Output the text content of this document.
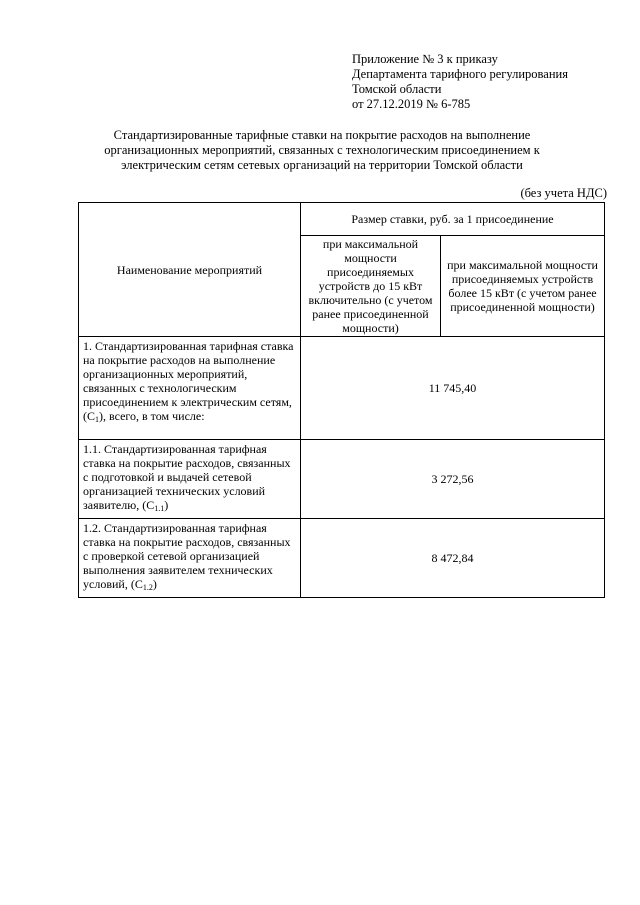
Приложение № 3 к приказу
Департамента тарифного регулирования
Томской области
от 27.12.2019 № 6-785
Стандартизированные тарифные ставки на покрытие расходов на выполнение организационных мероприятий, связанных с технологическим присоединением к электрическим сетям сетевых организаций на территории Томской области
(без учета НДС)
Наименование мероприятий	Размер ставки, руб. за 1 присоединение	
	при максимальной мощности присоединяемых устройств до 15 кВт включительно (с учетом ранее присоединенной мощности)	при максимальной мощности присоединяемых устройств более 15 кВт (с учетом ранее присоединенной мощности)
1. Стандартизированная тарифная ставка на покрытие расходов на выполнение организационных мероприятий, связанных с технологическим присоединением к электрическим сетям, $(С_1)$, всего, в том числе:	11 745,40	
1.1. Стандартизированная тарифная ставка на покрытие расходов, связанных с подготовкой и выдачей сетевой организацией технических условий заявителю, $(С_{1.1})$	3 272,56	
1.2. Стандартизированная тарифная ставка на покрытие расходов, связанных с проверкой сетевой организацией выполнения заявителем технических условий, $(С_{1.2})$	8 472,84	
